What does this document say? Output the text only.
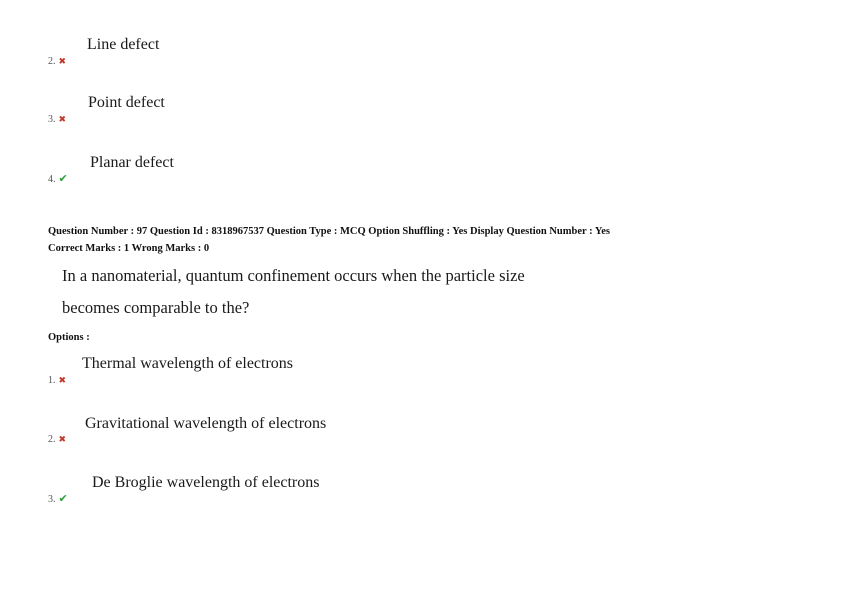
Line defect
2. ✖
Point defect
3. ✖
Planar defect
4. ✔
Question Number : 97 Question Id : 8318967537 Question Type : MCQ Option Shuffling : Yes Display Question Number : Yes
Correct Marks : 1 Wrong Marks : 0
In a nanomaterial, quantum confinement occurs when the particle size
becomes comparable to the?
Options :
Thermal wavelength of electrons
1. ✖
Gravitational wavelength of electrons
2. ✖
De Broglie wavelength of electrons
3. ✔
